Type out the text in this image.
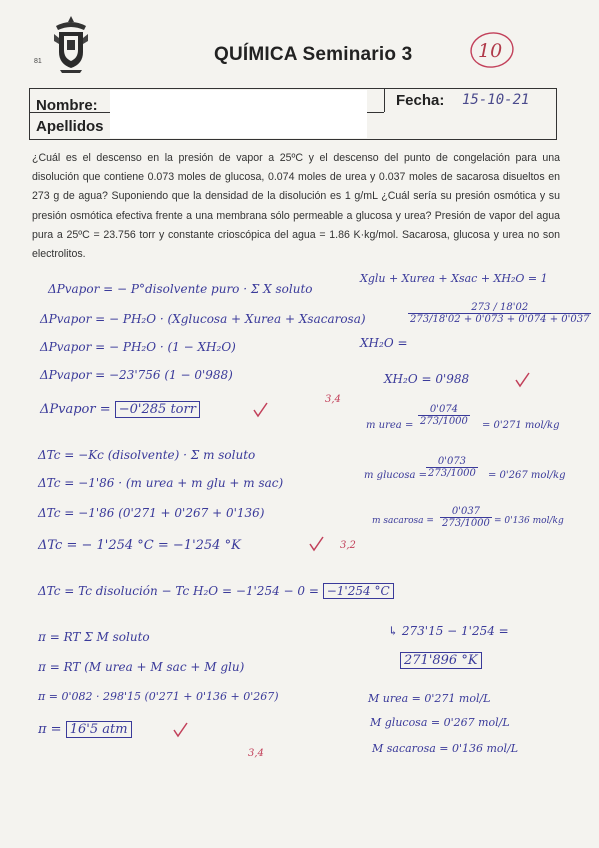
81	QUÍMICA Seminario 3	10
Nombre:
Apellidos
Fecha: 15-10-21
¿Cuál es el descenso en la presión de vapor a 25ºC y el descenso del punto de congelación para una disolución que contiene 0.073 moles de glucosa, 0.074 moles de urea y 0.037 moles de sacarosa disueltos en 273 g de agua? Suponiendo que la densidad de la disolución es 1 g/mL ¿Cuál sería su presión osmótica y su presión osmótica efectiva frente a una membrana sólo permeable a glucosa y urea? Presión de vapor del agua pura a 25ºC = 23.756 torr y constante crioscópica del agua = 1.86 K·kg/mol. Sacarosa, glucosa y urea no son electrolitos.
ΔPvapor = − P°disolvente puro · Σ X soluto
ΔPvapor = − PH₂O · (Xglucosa + Xurea + Xsacarosa)
ΔPvapor = − PH₂O · (1 − XH₂O)
ΔPvapor = −23'756 (1 − 0'988)
ΔPvapor = −0'285 torr
3,4
ΔTc = −Kc (disolvente) · Σ m soluto
ΔTc = −1'86 · (m urea + m glu + m sac)
ΔTc = −1'86 (0'271 + 0'267 + 0'136)
ΔTc = − 1'254 °C = −1'254 °K	3,2
ΔTc = Tc disolución − Tc H₂O = −1'254 − 0 = −1'254 °C
π = RT Σ M soluto
π = RT (M urea + M sac + M glu)
π = 0'082 · 298'15 (0'271 + 0'136 + 0'267)
π = 16'5 atm
3,4
Xglu + Xurea + Xsac + XH₂O = 1
XH₂O =
$\frac{273 / 18'02}{273/18'02 + 0'073 + 0'074 + 0'037}$
XH₂O = 0'988
m urea = $\frac{0'074}{273/1000} = 0'271$ mol/kg
m $glucosa = \frac{0'073}{273/1000} = 0'267$ mol/kg
m sacarosa = $\frac{0'037}{273/1000} = 0'136$ mol/kg
↳ 273'15 − 1'254 =
271'896 °K
M urea = 0'271 mol/L
M glucosa = 0'267 mol/L
M sacarosa = 0'136 mol/L
